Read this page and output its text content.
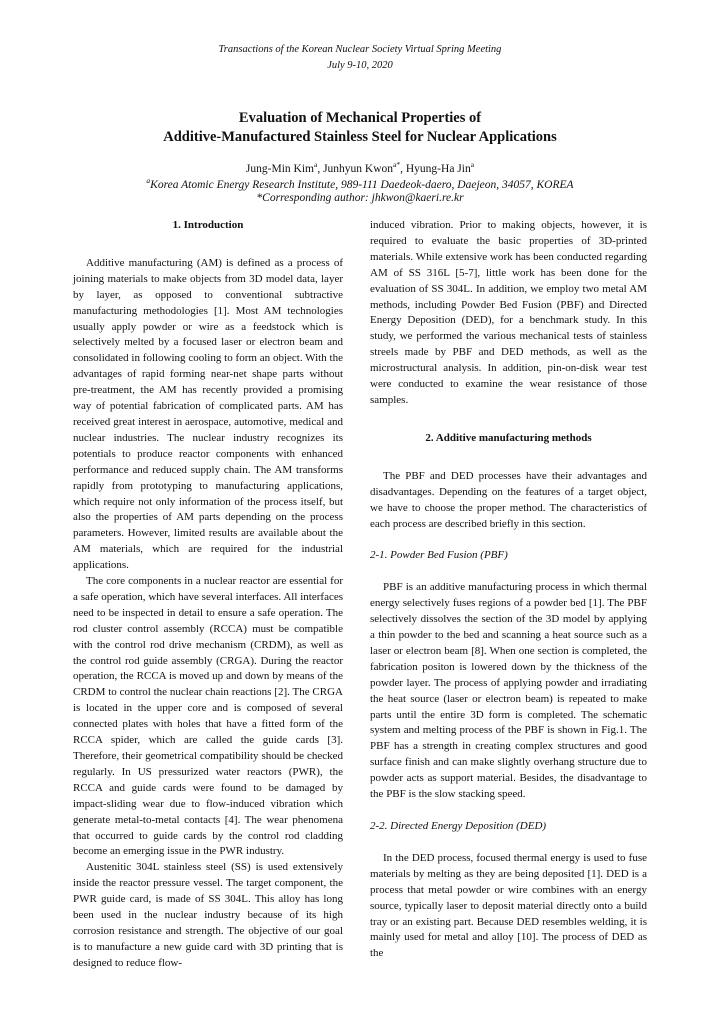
Transactions of the Korean Nuclear Society Virtual Spring Meeting
July 9-10, 2020
Evaluation of Mechanical Properties of
Additive-Manufactured Stainless Steel for Nuclear Applications
Jung-Min Kim$^a$, Junhyun Kwon$^{a*}$, Hyung-Ha Jin$^a$
$^a$Korea Atomic Energy Research Institute, 989-111 Daedeok-daero, Daejeon, 34057, KOREA
*Corresponding author: jhkwon@kaeri.re.kr
1. Introduction

Additive manufacturing (AM) is defined as a process of joining materials to make objects from 3D model data, layer by layer, as opposed to conventional subtractive manufacturing methodologies [1]. Most AM technologies usually apply powder or wire as a feedstock which is selectively melted by a focused laser or electron beam and consolidated in following cooling to form an object. With the advantages of rapid forming near-net shape parts without pre-treatment, the AM has recently provided a promising way of potential fabrication of complicated parts. AM has received great interest in aerospace, automotive, medical and nuclear industries. The nuclear industry recognizes its potentials to produce reactor components with enhanced performance and reduced supply chain. The AM transforms rapidly from prototyping to manufacturing applications, which require not only information of the process itself, but also the properties of AM parts depending on the process parameters. However, limited results are available about the AM materials, which are required for the industrial applications.

The core components in a nuclear reactor are essential for a safe operation, which have several interfaces. All interfaces need to be inspected in detail to ensure a safe operation. The rod cluster control assembly (RCCA) must be compatible with the control rod drive mechanism (CRDM), as well as the control rod guide assembly (CRGA). During the reactor operation, the RCCA is moved up and down by means of the CRDM to control the nuclear chain reactions [2]. The CRGA is located in the upper core and is composed of several connected plates with holes that have a fitted form of the RCCA spider, which are called the guide cards [3]. Therefore, their geometrical compatibility should be checked regularly. In US pressurized water reactors (PWR), the RCCA and guide cards were found to be damaged by impact-sliding wear due to flow-induced vibration which generate metal-to-metal contacts [4]. The wear phenomena that occurred to guide cards by the control rod cladding become an emerging issue in the PWR industry.

Austenitic 304L stainless steel (SS) is used extensively inside the reactor pressure vessel. The target component, the PWR guide card, is made of SS 304L. This alloy has long been used in the nuclear industry because of its high corrosion resistance and strength. The objective of our goal is to manufacture a new guide card with 3D printing that is designed to reduce flow-

induced vibration. Prior to making objects, however, it is required to evaluate the basic properties of 3D-printed materials. While extensive work has been conducted regarding AM of SS 316L [5-7], little work has been done for the evaluation of SS 304L. In addition, we employ two metal AM methods, including Powder Bed Fusion (PBF) and Directed Energy Deposition (DED), for a benchmark study. In this study, we performed the various mechanical tests of stainless streels made by PBF and DED methods, as well as the microstructural analysis. In addition, pin-on-disk wear test were conducted to examine the wear resistance of those samples.

2. Additive manufacturing methods

The PBF and DED processes have their advantages and disadvantages. Depending on the features of a target object, we have to choose the proper method. The characteristics of each process are described briefly in this section.

2-1. Powder Bed Fusion (PBF)

PBF is an additive manufacturing process in which thermal energy selectively fuses regions of a powder bed [1]. The PBF selectively dissolves the section of the 3D model by applying a thin powder to the bed and scanning a heat source such as a laser or electron beam [8]. When one section is completed, the fabrication positon is lowered down by the thickness of the powder layer. The process of applying powder and irradiating the heat source (laser or electron beam) is repeated to make parts until the entire 3D form is completed. The schematic system and melting process of the PBF is shown in Fig.1. The PBF has a strength in creating complex structures and good surface finish and can make slightly overhang structure due to powder acts as support material. Besides, the disadvantage to the PBF is the slow stacking speed.

2-2. Directed Energy Deposition (DED)

In the DED process, focused thermal energy is used to fuse materials by melting as they are being deposited [1]. DED is a process that metal powder or wire combines with an energy source, typically laser to deposit material directly onto a build tray or an existing part. Because DED resembles welding, it is mainly used for metal and alloy [10]. The process of DED as the
